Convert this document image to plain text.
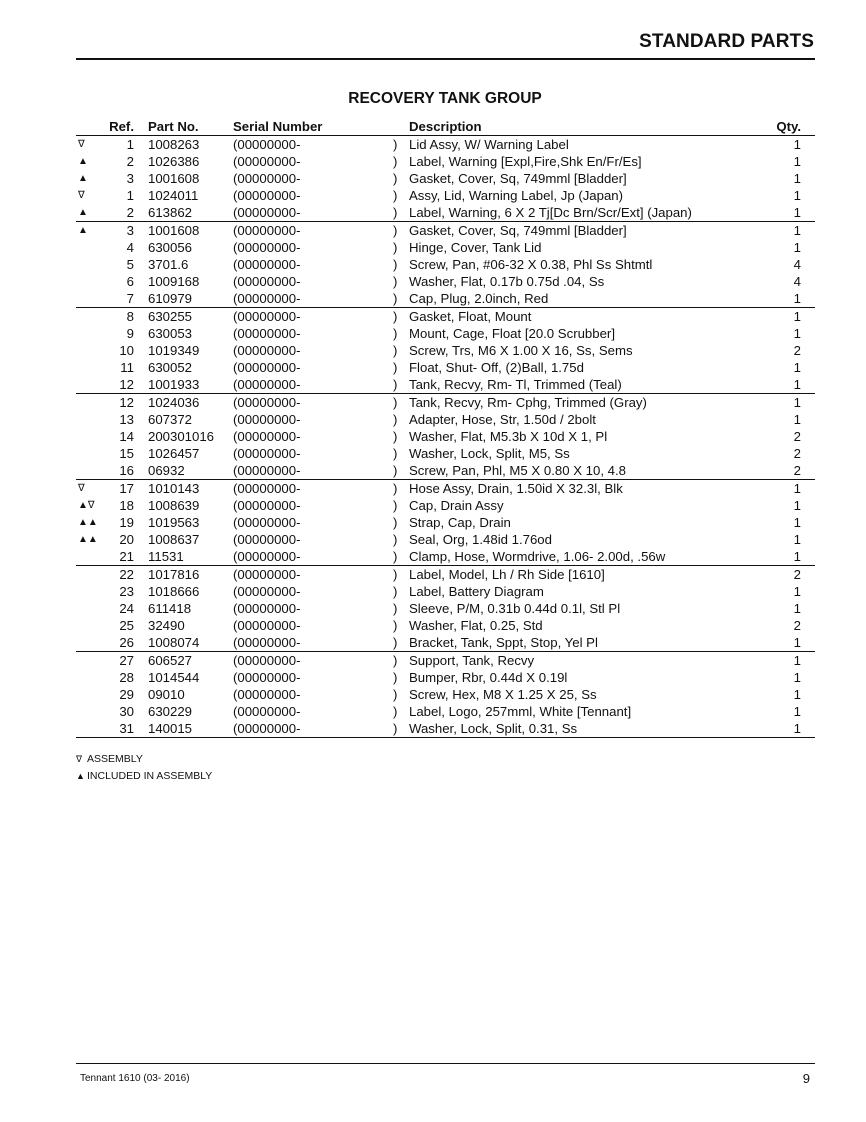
STANDARD PARTS
RECOVERY TANK GROUP
	Ref.	Part No.	Serial Number		Description	Qty.
∇	1	1008263	(00000000-	)	Lid Assy, W/ Warning Label	1
▲	2	1026386	(00000000-	)	Label, Warning [Expl,Fire,Shk En/Fr/Es]	1
▲	3	1001608	(00000000-	)	Gasket, Cover, Sq, 749mml [Bladder]	1
∇	1	1024011	(00000000-	)	Assy, Lid, Warning Label, Jp (Japan)	1
▲	2	613862	(00000000-	)	Label, Warning, 6 X 2 Tj[Dc Brn/Scr/Ext] (Japan)	1
▲	3	1001608	(00000000-	)	Gasket, Cover, Sq, 749mml [Bladder]	1
	4	630056	(00000000-	)	Hinge, Cover, Tank Lid	1
	5	3701.6	(00000000-	)	Screw, Pan, #06-32 X 0.38, Phl Ss Shtmtl	4
	6	1009168	(00000000-	)	Washer, Flat, 0.17b 0.75d .04, Ss	4
	7	610979	(00000000-	)	Cap, Plug, 2.0inch, Red	1
	8	630255	(00000000-	)	Gasket, Float, Mount	1
	9	630053	(00000000-	)	Mount, Cage, Float [20.0 Scrubber]	1
	10	1019349	(00000000-	)	Screw, Trs, M6 X 1.00 X 16, Ss, Sems	2
	11	630052	(00000000-	)	Float, Shut- Off, (2)Ball, 1.75d	1
	12	1001933	(00000000-	)	Tank, Recvy, Rm- Tl, Trimmed (Teal)	1
	12	1024036	(00000000-	)	Tank, Recvy, Rm- Cphg, Trimmed (Gray)	1
	13	607372	(00000000-	)	Adapter, Hose, Str, 1.50d / 2bolt	1
	14	200301016	(00000000-	)	Washer, Flat, M5.3b X 10d X 1, Pl	2
	15	1026457	(00000000-	)	Washer, Lock, Split, M5, Ss	2
	16	06932	(00000000-	)	Screw, Pan, Phl, M5 X 0.80 X 10, 4.8	2
∇	17	1010143	(00000000-	)	Hose Assy, Drain, 1.50id X 32.3l, Blk	1
▲∇	18	1008639	(00000000-	)	Cap, Drain Assy	1
▲▲	19	1019563	(00000000-	)	Strap, Cap, Drain	1
▲▲	20	1008637	(00000000-	)	Seal, Org, 1.48id 1.76od	1
	21	11531	(00000000-	)	Clamp, Hose, Wormdrive, 1.06- 2.00d, .56w	1
	22	1017816	(00000000-	)	Label, Model, Lh / Rh Side [1610]	2
	23	1018666	(00000000-	)	Label, Battery Diagram	1
	24	611418	(00000000-	)	Sleeve, P/M, 0.31b 0.44d 0.1l, Stl Pl	1
	25	32490	(00000000-	)	Washer, Flat, 0.25, Std	2
	26	1008074	(00000000-	)	Bracket, Tank, Sppt, Stop, Yel Pl	1
	27	606527	(00000000-	)	Support, Tank, Recvy	1
	28	1014544	(00000000-	)	Bumper, Rbr, 0.44d X 0.19l	1
	29	09010	(00000000-	)	Screw, Hex, M8 X 1.25 X 25, Ss	1
	30	630229	(00000000-	)	Label, Logo, 257mml, White [Tennant]	1
	31	140015	(00000000-	)	Washer, Lock, Split, 0.31, Ss	1
∇ ASSEMBLY
▲ INCLUDED IN ASSEMBLY
Tennant 1610 (03- 2016)	9
